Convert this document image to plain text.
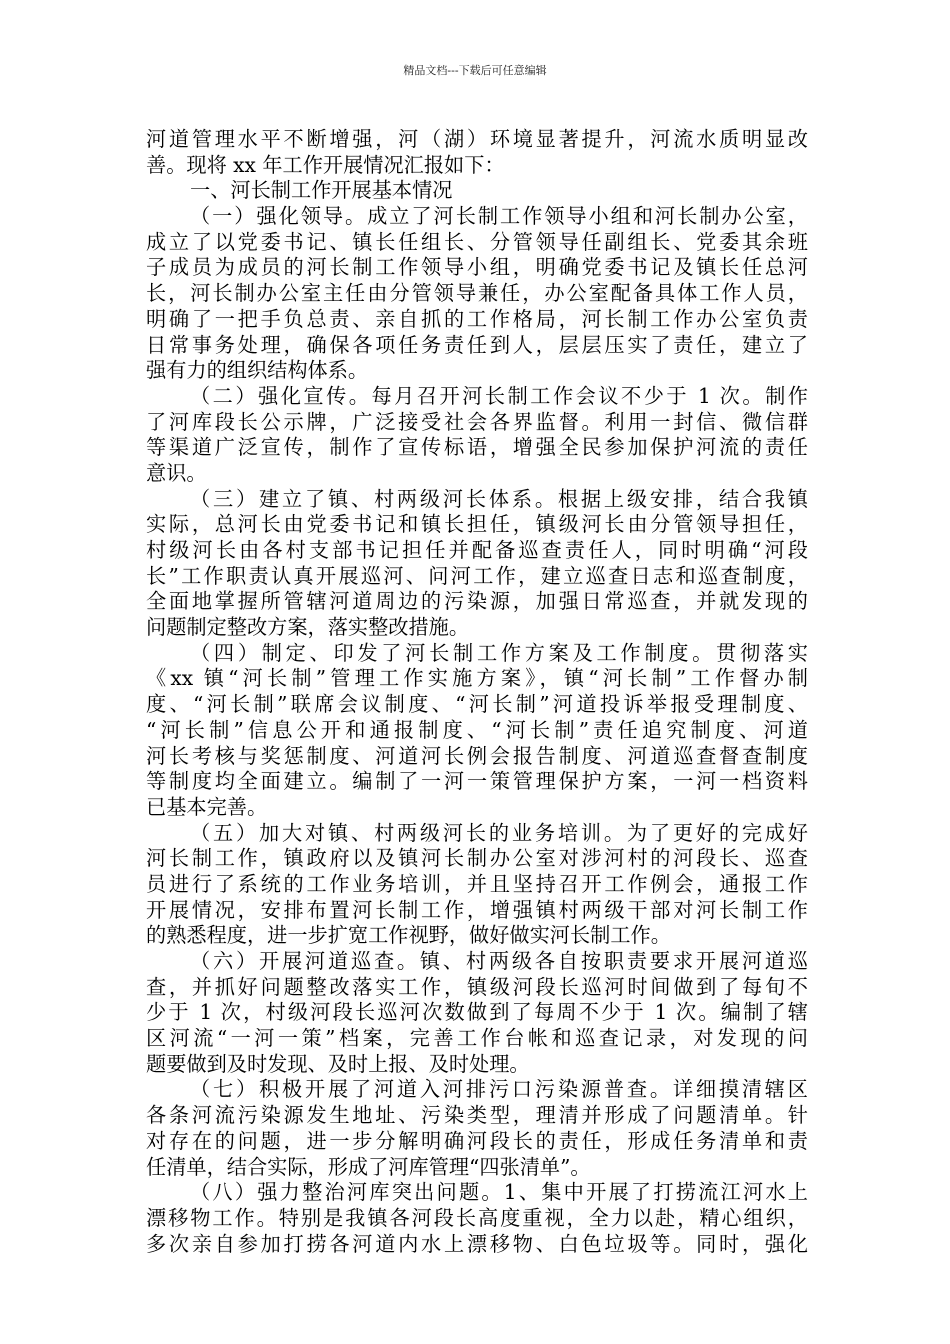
精品文档---下载后可任意编辑
河道管理水平不断增强，河（湖）环境显著提升，河流水质明显改
善。现将 xx 年工作开展情况汇报如下：
一、河长制工作开展基本情况
（一）强化领导。成立了河长制工作领导小组和河长制办公室，
成立了以党委书记、镇长任组长、分管领导任副组长、党委其余班
子成员为成员的河长制工作领导小组，明确党委书记及镇长任总河
长，河长制办公室主任由分管领导兼任，办公室配备具体工作人员，
明确了一把手负总责、亲自抓的工作格局，河长制工作办公室负责
日常事务处理，确保各项任务责任到人，层层压实了责任，建立了
强有力的组织结构体系。
（二）强化宣传。每月召开河长制工作会议不少于 1 次。制作
了河库段长公示牌，广泛接受社会各界监督。利用一封信、微信群
等渠道广泛宣传，制作了宣传标语，增强全民参加保护河流的责任
意识。
（三）建立了镇、村两级河长体系。根据上级安排，结合我镇
实际，总河长由党委书记和镇长担任，镇级河长由分管领导担任，
村级河长由各村支部书记担任并配备巡查责任人，同时明确“河段
长”工作职责认真开展巡河、问河工作，建立巡查日志和巡查制度，
全面地掌握所管辖河道周边的污染源，加强日常巡查，并就发现的
问题制定整改方案，落实整改措施。
（四）制定、印发了河长制工作方案及工作制度。贯彻落实
《xx 镇“河长制”管理工作实施方案》，镇“河长制”工作督办制
度、“河长制”联席会议制度、“河长制”河道投诉举报受理制度、
“河长制”信息公开和通报制度、“河长制”责任追究制度、河道
河长考核与奖惩制度、河道河长例会报告制度、河道巡查督查制度
等制度均全面建立。编制了一河一策管理保护方案，一河一档资料
已基本完善。
（五）加大对镇、村两级河长的业务培训。为了更好的完成好
河长制工作，镇政府以及镇河长制办公室对涉河村的河段长、巡查
员进行了系统的工作业务培训，并且坚持召开工作例会，通报工作
开展情况，安排布置河长制工作，增强镇村两级干部对河长制工作
的熟悉程度，进一步扩宽工作视野，做好做实河长制工作。
（六）开展河道巡查。镇、村两级各自按职责要求开展河道巡
查，并抓好问题整改落实工作，镇级河段长巡河时间做到了每旬不
少于 1 次，村级河段长巡河次数做到了每周不少于 1 次。编制了辖
区河流“一河一策”档案，完善工作台帐和巡查记录，对发现的问
题要做到及时发现、及时上报、及时处理。
（七）积极开展了河道入河排污口污染源普查。详细摸清辖区
各条河流污染源发生地址、污染类型，理清并形成了问题清单。针
对存在的问题，进一步分解明确河段长的责任，形成任务清单和责
任清单，结合实际，形成了河库管理“四张清单”。
（八）强力整治河库突出问题。1、集中开展了打捞流江河水上
漂移物工作。特别是我镇各河段长高度重视，全力以赴，精心组织，
多次亲自参加打捞各河道内水上漂移物、白色垃圾等。同时，强化
